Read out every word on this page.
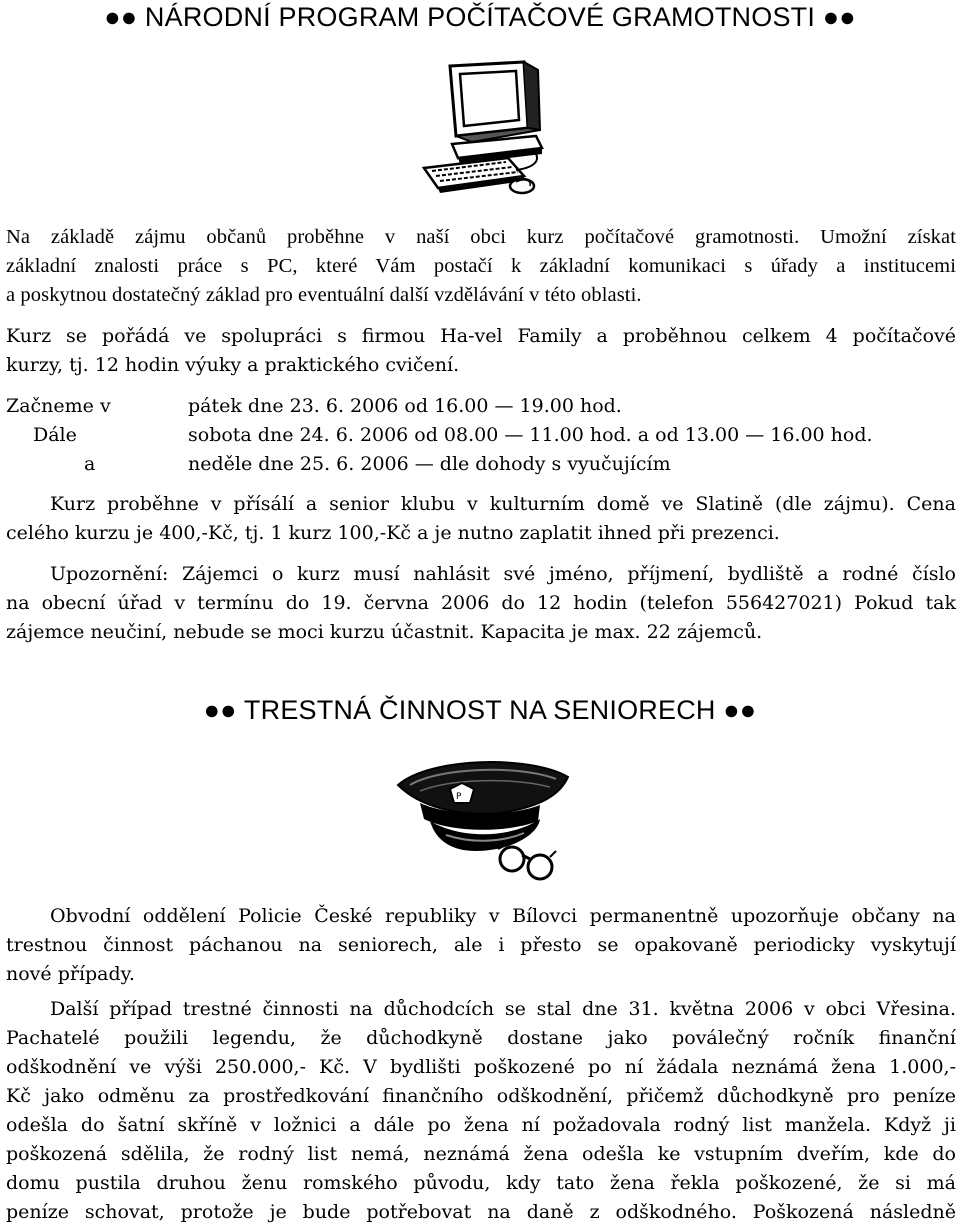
●● NÁRODNÍ PROGRAM POČÍTAČOVÉ GRAMOTNOSTI ●●
Na základě zájmu občanů proběhne v naší obci kurz počítačové gramotnosti. Umožní získat
základní znalosti práce s PC, které Vám postačí k základní komunikaci s úřady a institucemi
a poskytnou dostatečný základ pro eventuální další vzdělávání v této oblasti.
Kurz se pořádá ve spolupráci s firmou Ha-vel Family a proběhnou celkem 4 počítačové
kurzy, tj. 12 hodin výuky a praktického cvičení.
Začneme v	pátek dne 23. 6. 2006 od 16.00 — 19.00 hod.
Dále	sobota dne 24. 6. 2006 od 08.00 — 11.00 hod. a od 13.00 — 16.00 hod.
a	neděle dne 25. 6. 2006 — dle dohody s vyučujícím
Kurz proběhne v přísálí a senior klubu v kulturním domě ve Slatině (dle zájmu). Cena
celého kurzu je 400,-Kč, tj. 1 kurz 100,-Kč a je nutno zaplatit ihned při prezenci.
Upozornění: Zájemci o kurz musí nahlásit své jméno, příjmení, bydliště a rodné číslo
na obecní úřad v termínu do 19. června 2006 do 12 hodin (telefon 556427021) Pokud tak
zájemce neučiní, nebude se moci kurzu účastnit. Kapacita je max. 22 zájemců.
●● TRESTNÁ ČINNOST NA SENIORECH ●●
P
Obvodní oddělení Policie České republiky v Bílovci permanentně upozorňuje občany na
trestnou činnost páchanou na seniorech, ale i přesto se opakovaně periodicky vyskytují
nové případy.
Další případ trestné činnosti na důchodcích se stal dne 31. května 2006 v obci Vřesina.
Pachatelé použili legendu, že důchodkyně dostane jako poválečný ročník finanční
odškodnění ve výši 250.000,- Kč. V bydlišti poškozené po ní žádala neznámá žena 1.000,-
Kč jako odměnu za prostředkování finančního odškodnění, přičemž důchodkyně pro peníze
odešla do šatní skříně v ložnici a dále po žena ní požadovala rodný list manžela. Když ji
poškozená sdělila, že rodný list nemá, neznámá žena odešla ke vstupním dveřím, kde do
domu pustila druhou ženu romského původu, kdy tato žena řekla poškozené, že si má
peníze schovat, protože je bude potřebovat na daně z odškodného. Poškozená následně
